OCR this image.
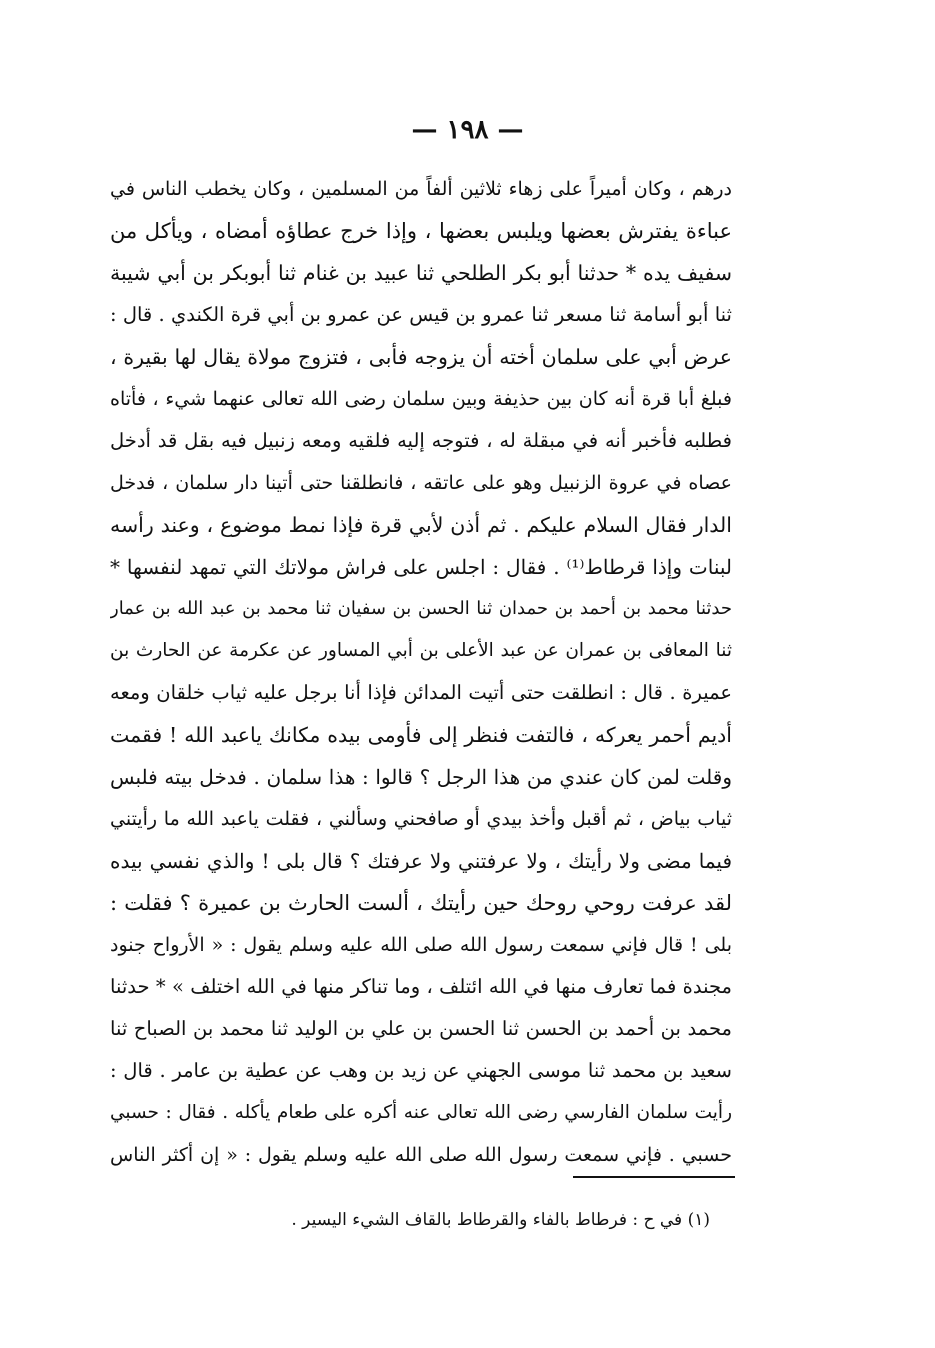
— ١٩٨ —
درهم ، وكان أميراً على زهاء ثلاثين ألفاً من المسلمين ، وكان يخطب الناس في
عباءة يفترش بعضها ويلبس بعضها ، وإذا خرج عطاؤه أمضاه ، ويأكل من
سفيف يده * حدثنا أبو بكر الطلحي ثنا عبيد بن غنام ثنا أبوبكر بن أبي شيبة
ثنا أبو أسامة ثنا مسعر ثنا عمرو بن قيس عن عمرو بن أبي قرة الكندي . قال :
عرض أبي على سلمان أخته أن يزوجه فأبى ، فتزوج مولاة يقال لها بقيرة ،
فبلغ أبا قرة أنه كان بين حذيفة وبين سلمان رضى الله تعالى عنهما شيء ، فأتاه
فطلبه فأخبر أنه في مبقلة له ، فتوجه إليه فلقيه ومعه زنبيل فيه بقل قد أدخل
عصاه في عروة الزنبيل وهو على عاتقه ، فانطلقنا حتى أتينا دار سلمان ، فدخل
الدار فقال السلام عليكم . ثم أذن لأبي قرة فإذا نمط موضوع ، وعند رأسه
لبنات وإذا قرطاط⁽¹⁾ . فقال : اجلس على فراش مولاتك التي تمهد لنفسها *
حدثنا محمد بن أحمد بن حمدان ثنا الحسن بن سفيان ثنا محمد بن عبد الله بن عمار
ثنا المعافى بن عمران عن عبد الأعلى بن أبي المساور عن عكرمة عن الحارث بن
عميرة . قال : انطلقت حتى أتيت المدائن فإذا أنا برجل عليه ثياب خلقان ومعه
أديم أحمر يعركه ، فالتفت فنظر إلى فأومى بيده مكانك ياعبد الله ! فقمت
وقلت لمن كان عندي من هذا الرجل ؟ قالوا : هذا سلمان . فدخل بيته فلبس
ثياب بياض ، ثم أقبل وأخذ بيدي أو صافحني وسألني ، فقلت ياعبد الله ما رأيتني
فيما مضى ولا رأيتك ، ولا عرفتني ولا عرفتك ؟ قال بلى ! والذي نفسي بيده
لقد عرفت روحي روحك حين رأيتك ، ألست الحارث بن عميرة ؟ فقلت :
بلى ! قال فإني سمعت رسول الله صلى الله عليه وسلم يقول : « الأرواح جنود
مجندة فما تعارف منها في الله ائتلف ، وما تناكر منها في الله اختلف » * حدثنا
محمد بن أحمد بن الحسن ثنا الحسن بن علي بن الوليد ثنا محمد بن الصباح ثنا
سعيد بن محمد ثنا موسى الجهني عن زيد بن وهب عن عطية بن عامر . قال :
رأيت سلمان الفارسي رضى الله تعالى عنه أكره على طعام يأكله . فقال : حسبي
حسبي . فإني سمعت رسول الله صلى الله عليه وسلم يقول : « إن أكثر الناس
(١) في ح : فرطاط بالفاء والقرطاط بالقاف الشيء اليسير .
